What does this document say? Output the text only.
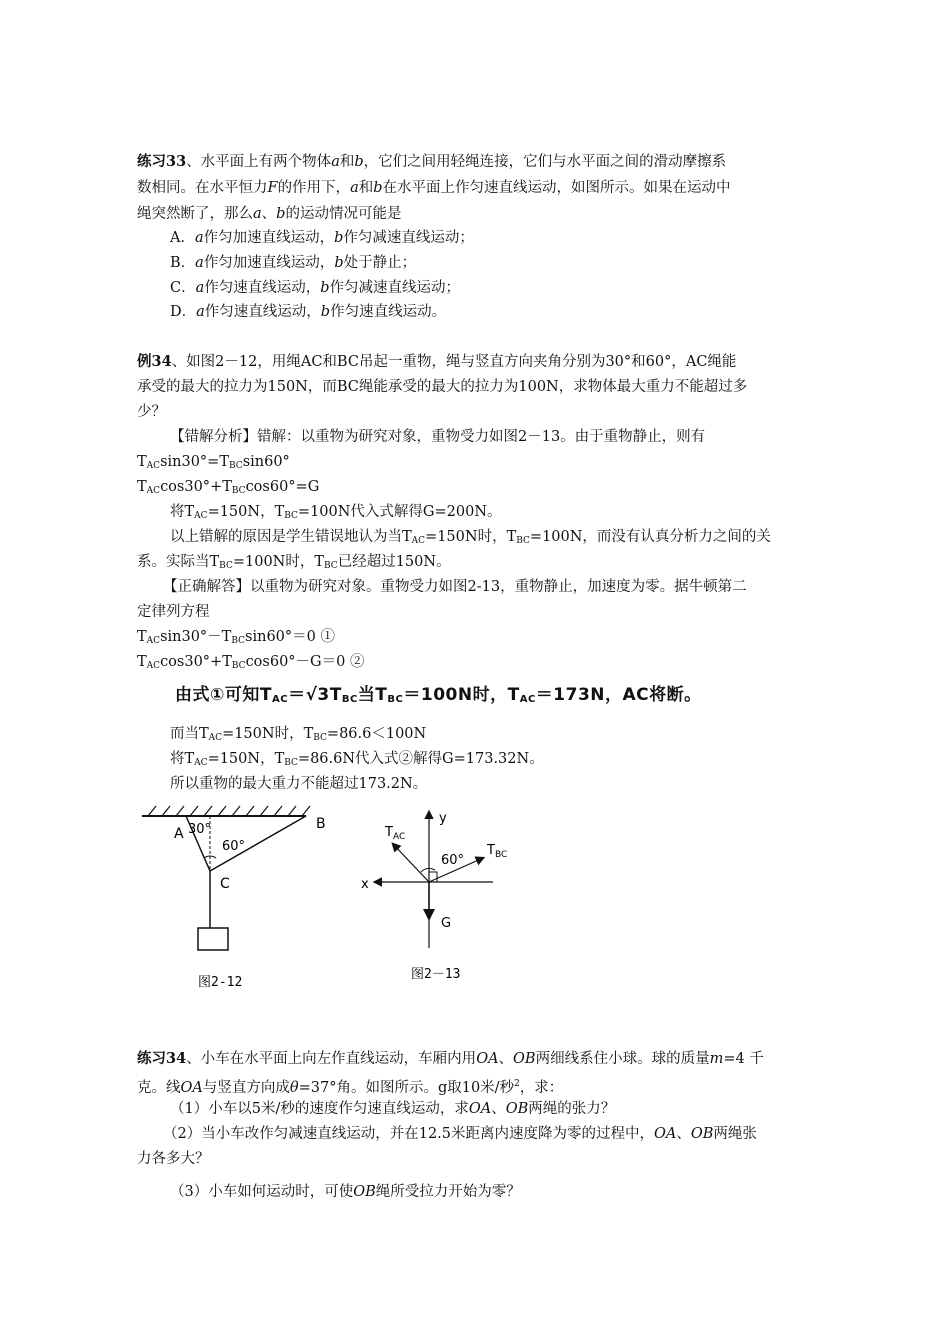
练习33、水平面上有两个物体a和b，它们之间用轻绳连接，它们与水平面之间的滑动摩擦系
数相同。在水平恒力F的作用下，a和b在水平面上作匀速直线运动，如图所示。如果在运动中
绳突然断了，那么a、b的运动情况可能是
A．a作匀加速直线运动，b作匀减速直线运动；
B．a作匀加速直线运动，b处于静止；
C．a作匀速直线运动，b作匀减速直线运动；
D．a作匀速直线运动，b作匀速直线运动。
例34、如图2－12，用绳AC和BC吊起一重物，绳与竖直方向夹角分别为30°和60°，AC绳能
承受的最大的拉力为150N，而BC绳能承受的最大的拉力为100N，求物体最大重力不能超过多
少？
【错解分析】错解：以重物为研究对象，重物受力如图2－13。由于重物静止，则有
$T_{AC}\sin 30^\circ=T_{BC}\sin 60^\circ$
$T_{AC}\cos 30^\circ+T_{BC}\cos 60^\circ=G$
将$T_{AC}=150N$，$T_{BC}=100N$代入式解得G=200N。
以上错解的原因是学生错误地认为当$T_{AC}=150N$时，$T_{BC}=100N$，而没有认真分析力之间的关
系。实际当$T_{BC}=100N$时，$T_{BC}$已经超过150N。
【正确解答】以重物为研究对象。重物受力如图2-13，重物静止，加速度为零。据牛顿第二
定律列方程
$T_{AC}\sin 30^\circ-T_{BC}\sin 60^\circ=0$ ①
$T_{AC}\cos 30^\circ+T_{BC}\cos 60^\circ-G=0$ ②
由式①可知$T_{AC}=√3T_{BC}$当$T_{BC}=100N$时，$T_{AC}=173N$，AC将断。
而当$T_{AC}=150N$时，$T_{BC}=86.6<100N$
将$T_{AC}=150N$，$T_{BC}=86.6N$代入式②解得G=173.32N。
所以重物的最大重力不能超过173.2N。
A
B
C
30°
60°
图2-12
y
x
$T_{AC}$
$T_{BC}$
G
60°
图2－13
练习34、小车在水平面上向左作直线运动，车厢内用OA、OB两细线系住小球。球的质量m=4 千
克。线OA与竖直方向成θ=37°角。如图所示。g取10米/秒$^2$，求：
（1）小车以5米/秒的速度作匀速直线运动，求OA、OB两绳的张力？
（2）当小车改作匀减速直线运动，并在12.5米距离内速度降为零的过程中，OA、OB两绳张
力各多大？
（3）小车如何运动时，可使OB绳所受拉力开始为零？
